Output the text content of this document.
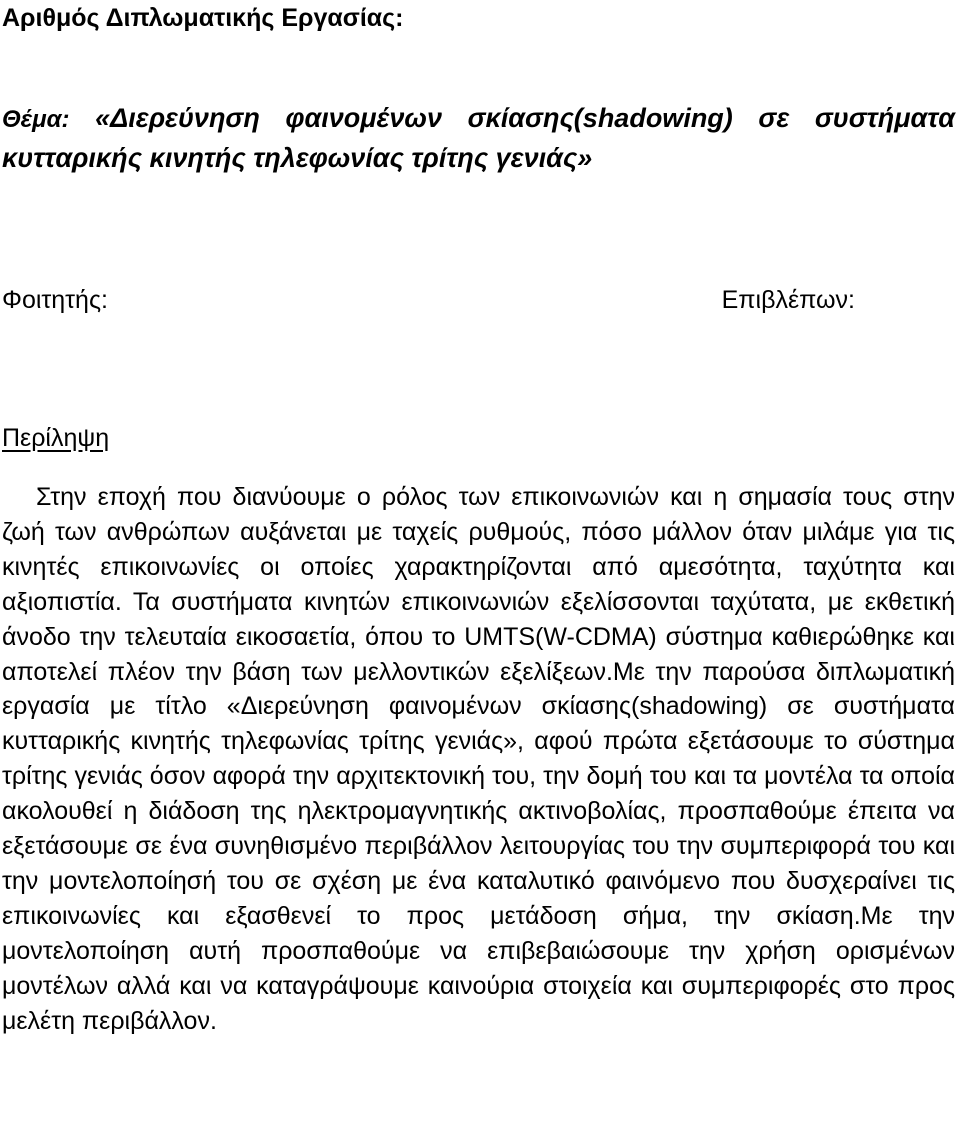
Αριθμός Διπλωματικής Εργασίας:
Θέμα: «Διερεύνηση φαινομένων σκίασης(shadowing) σε συστήματα κυτταρικής κινητής τηλεφωνίας τρίτης γενιάς»
Φοιτητής:	Επιβλέπων:
Περίληψη

Στην εποχή που διανύουμε ο ρόλος των επικοινωνιών και η σημασία τους στην ζωή των ανθρώπων αυξάνεται με ταχείς ρυθμούς, πόσο μάλλον όταν μιλάμε για τις κινητές επικοινωνίες οι οποίες χαρακτηρίζονται από αμεσότητα, ταχύτητα και αξιοπιστία. Τα συστήματα κινητών επικοινωνιών εξελίσσονται ταχύτατα, με εκθετική άνοδο την τελευταία εικοσαετία, όπου το UMTS(W-CDMA) σύστημα καθιερώθηκε και αποτελεί πλέον την βάση των μελλοντικών εξελίξεων.Με την παρούσα διπλωματική εργασία με τίτλο «Διερεύνηση φαινομένων σκίασης(shadowing) σε συστήματα κυτταρικής κινητής τηλεφωνίας τρίτης γενιάς», αφού πρώτα εξετάσουμε το σύστημα τρίτης γενιάς όσον αφορά την αρχιτεκτονική του, την δομή του και τα μοντέλα τα οποία ακολουθεί η διάδοση της ηλεκτρομαγνητικής ακτινοβολίας, προσπαθούμε έπειτα να εξετάσουμε σε ένα συνηθισμένο περιβάλλον λειτουργίας του την συμπεριφορά του και την μοντελοποίησή του σε σχέση με ένα καταλυτικό φαινόμενο που δυσχεραίνει τις επικοινωνίες και εξασθενεί το προς μετάδοση σήμα, την σκίαση.Με την μοντελοποίηση αυτή προσπαθούμε να επιβεβαιώσουμε την χρήση ορισμένων μοντέλων αλλά και να καταγράψουμε καινούρια στοιχεία και συμπεριφορές στο προς μελέτη περιβάλλον.
